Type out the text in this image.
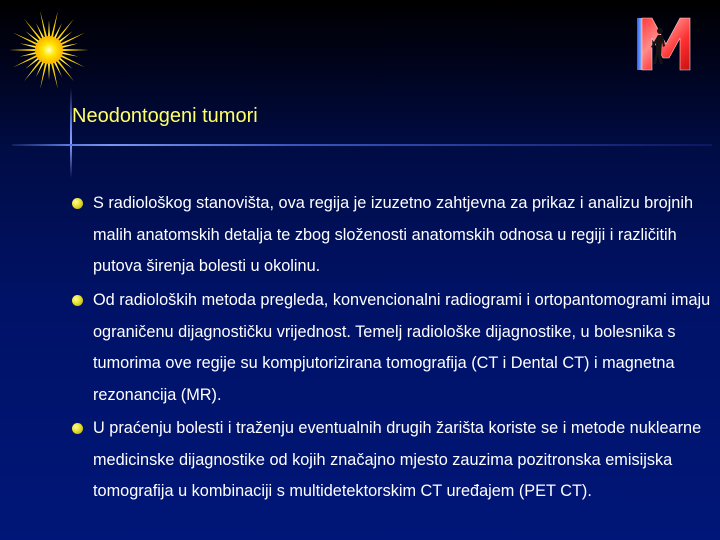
Neodontogeni tumori

S radiološkog stanovišta, ova regija je izuzetno zahtjevna za prikaz i analizu brojnih malih anatomskih detalja te zbog složenosti anatomskih odnosa u regiji i različitih putova širenja bolesti u okolinu.

Od radioloških metoda pregleda, konvencionalni radiogrami i ortopantomogrami imaju ograničenu dijagnostičku vrijednost. Temelj radiološke dijagnostike, u bolesnika s tumorima ove regije su kompjutorizirana tomografija (CT i Dental CT) i magnetna rezonancija (MR).

U praćenju bolesti i traženju eventualnih drugih žarišta koriste se i metode nuklearne medicinske dijagnostike od kojih značajno mjesto zauzima pozitronska emisijska tomografija u kombinaciji s multidetektorskim CT uređajem (PET CT).
